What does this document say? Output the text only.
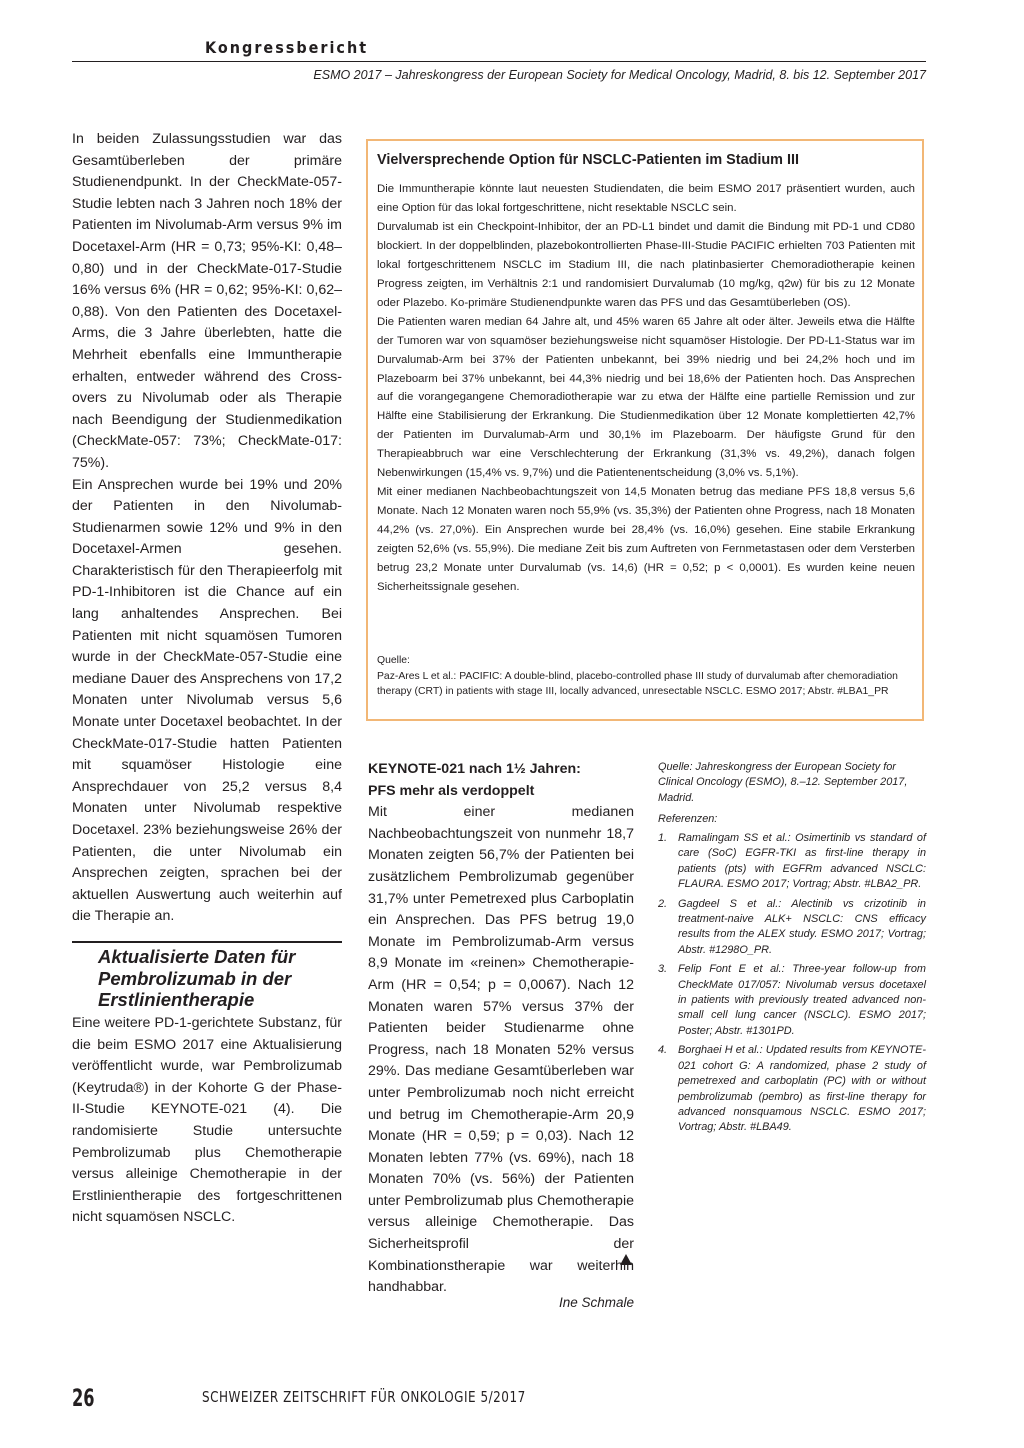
Kongressbericht
ESMO 2017 – Jahreskongress der European Society for Medical Oncology, Madrid, 8. bis 12. September 2017

In beiden Zulassungsstudien war das Gesamtüberleben der primäre Studienendpunkt. In der CheckMate-057-Studie lebten nach 3 Jahren noch 18% der Patienten im Nivolumab-Arm versus 9% im Docetaxel-Arm (HR = 0,73; 95%-KI: 0,48–0,80) und in der CheckMate-017-Studie 16% versus 6% (HR = 0,62; 95%-KI: 0,62–0,88). Von den Patienten des Docetaxel-Arms, die 3 Jahre überlebten, hatte die Mehrheit ebenfalls eine Immuntherapie erhalten, entweder während des Cross-overs zu Nivolumab oder als Therapie nach Beendigung der Studienmedikation (CheckMate-057: 73%; CheckMate-017: 75%).

Ein Ansprechen wurde bei 19% und 20% der Patienten in den Nivolumab-Studienarmen sowie 12% und 9% in den Docetaxel-Armen gesehen. Charakteristisch für den Therapieerfolg mit PD-1-Inhibitoren ist die Chance auf ein lang anhaltendes Ansprechen. Bei Patienten mit nicht squamösen Tumoren wurde in der CheckMate-057-Studie eine mediane Dauer des Ansprechens von 17,2 Monaten unter Nivolumab versus 5,6 Monate unter Docetaxel beobachtet. In der CheckMate-017-Studie hatten Patienten mit squamöser Histologie eine Ansprechdauer von 25,2 versus 8,4 Monaten unter Nivolumab respektive Docetaxel. 23% beziehungsweise 26% der Patienten, die unter Nivolumab ein Ansprechen zeigten, sprachen bei der aktuellen Auswertung auch weiterhin auf die Therapie an.

Aktualisierte Daten für Pembrolizumab in der Erstlinientherapie

Eine weitere PD-1-gerichtete Substanz, für die beim ESMO 2017 eine Aktualisierung veröffentlicht wurde, war Pembrolizumab (Keytruda®) in der Kohorte G der Phase-II-Studie KEYNOTE-021 (4). Die randomisierte Studie untersuchte Pembrolizumab plus Chemotherapie versus alleinige Chemotherapie in der Erstlinientherapie des fortgeschrittenen nicht squamösen NSCLC.

Vielversprechende Option für NSCLC-Patienten im Stadium III

Die Immuntherapie könnte laut neuesten Studiendaten, die beim ESMO 2017 präsentiert wurden, auch eine Option für das lokal fortgeschrittene, nicht resektable NSCLC sein.

Durvalumab ist ein Checkpoint-Inhibitor, der an PD-L1 bindet und damit die Bindung mit PD-1 und CD80 blockiert. In der doppelblinden, plazebokontrollierten Phase-III-Studie PACIFIC erhielten 703 Patienten mit lokal fortgeschrittenem NSCLC im Stadium III, die nach platinbasierter Chemoradiotherapie keinen Progress zeigten, im Verhältnis 2:1 und randomisiert Durvalumab (10 mg/kg, q2w) für bis zu 12 Monate oder Plazebo. Ko-primäre Studienendpunkte waren das PFS und das Gesamtüberleben (OS).

Die Patienten waren median 64 Jahre alt, und 45% waren 65 Jahre alt oder älter. Jeweils etwa die Hälfte der Tumoren war von squamöser beziehungsweise nicht squamöser Histologie. Der PD-L1-Status war im Durvalumab-Arm bei 37% der Patienten unbekannt, bei 39% niedrig und bei 24,2% hoch und im Plazeboarm bei 37% unbekannt, bei 44,3% niedrig und bei 18,6% der Patienten hoch. Das Ansprechen auf die vorangegangene Chemoradiotherapie war zu etwa der Hälfte eine partielle Remission und zur Hälfte eine Stabilisierung der Erkrankung. Die Studienmedikation über 12 Monate komplettierten 42,7% der Patienten im Durvalumab-Arm und 30,1% im Plazeboarm. Der häufigste Grund für den Therapieabbruch war eine Verschlechterung der Erkrankung (31,3% vs. 49,2%), danach folgen Nebenwirkungen (15,4% vs. 9,7%) und die Patientenentscheidung (3,0% vs. 5,1%).

Mit einer medianen Nachbeobachtungszeit von 14,5 Monaten betrug das mediane PFS 18,8 versus 5,6 Monate. Nach 12 Monaten waren noch 55,9% (vs. 35,3%) der Patienten ohne Progress, nach 18 Monaten 44,2% (vs. 27,0%). Ein Ansprechen wurde bei 28,4% (vs. 16,0%) gesehen. Eine stabile Erkrankung zeigten 52,6% (vs. 55,9%). Die mediane Zeit bis zum Auftreten von Fernmetastasen oder dem Versterben betrug 23,2 Monate unter Durvalumab (vs. 14,6) (HR = 0,52; p < 0,0001). Es wurden keine neuen Sicherheitssignale gesehen.

Quelle:

Paz-Ares L et al.: PACIFIC: A double-blind, placebo-controlled phase III study of durvalumab after chemoradiation therapy (CRT) in patients with stage III, locally advanced, unresectable NSCLC. ESMO 2017; Abstr. #LBA1_PR

KEYNOTE-021 nach 1½ Jahren:

PFS mehr als verdoppelt

Mit einer medianen Nachbeobachtungszeit von nunmehr 18,7 Monaten zeigten 56,7% der Patienten bei zusätzlichem Pembrolizumab gegenüber 31,7% unter Pemetrexed plus Carboplatin ein Ansprechen. Das PFS betrug 19,0 Monate im Pembrolizumab-Arm versus 8,9 Monate im «reinen» Chemotherapie-Arm (HR = 0,54; p = 0,0067). Nach 12 Monaten waren 57% versus 37% der Patienten beider Studienarme ohne Progress, nach 18 Monaten 52% versus 29%. Das mediane Gesamtüberleben war unter Pembrolizumab noch nicht erreicht und betrug im Chemotherapie-Arm 20,9 Monate (HR = 0,59; p = 0,03). Nach 12 Monaten lebten 77% (vs. 69%), nach 18 Monaten 70% (vs. 56%) der Patienten unter Pembrolizumab plus Chemotherapie versus alleinige Chemotherapie. Das Sicherheitsprofil der Kombinationstherapie war weiterhin handhabbar.

Ine Schmale
Quelle: Jahreskongress der European Society for Clinical Oncology (ESMO), 8.–12. September 2017, Madrid.
Referenzen:
1. Ramalingam SS et al.: Osimertinib vs standard of care (SoC) EGFR-TKI as first-line therapy in patients (pts) with EGFRm advanced NSCLC: FLAURA. ESMO 2017; Vortrag; Abstr. #LBA2_PR.
2. Gagdeel S et al.: Alectinib vs crizotinib in treatment-naive ALK+ NSCLC: CNS efficacy results from the ALEX study. ESMO 2017; Vortrag; Abstr. #1298O_PR.
3. Felip Font E et al.: Three-year follow-up from CheckMate 017/057: Nivolumab versus docetaxel in patients with previously treated advanced non-small cell lung cancer (NSCLC). ESMO 2017; Poster; Abstr. #1301PD.
4. Borghaei H et al.: Updated results from KEYNOTE-021 cohort G: A randomized, phase 2 study of pemetrexed and carboplatin (PC) with or without pembrolizumab (pembro) as first-line therapy for advanced nonsquamous NSCLC. ESMO 2017; Vortrag; Abstr. #LBA49.
26	SCHWEIZER ZEITSCHRIFT FÜR ONKOLOGIE 5/2017
